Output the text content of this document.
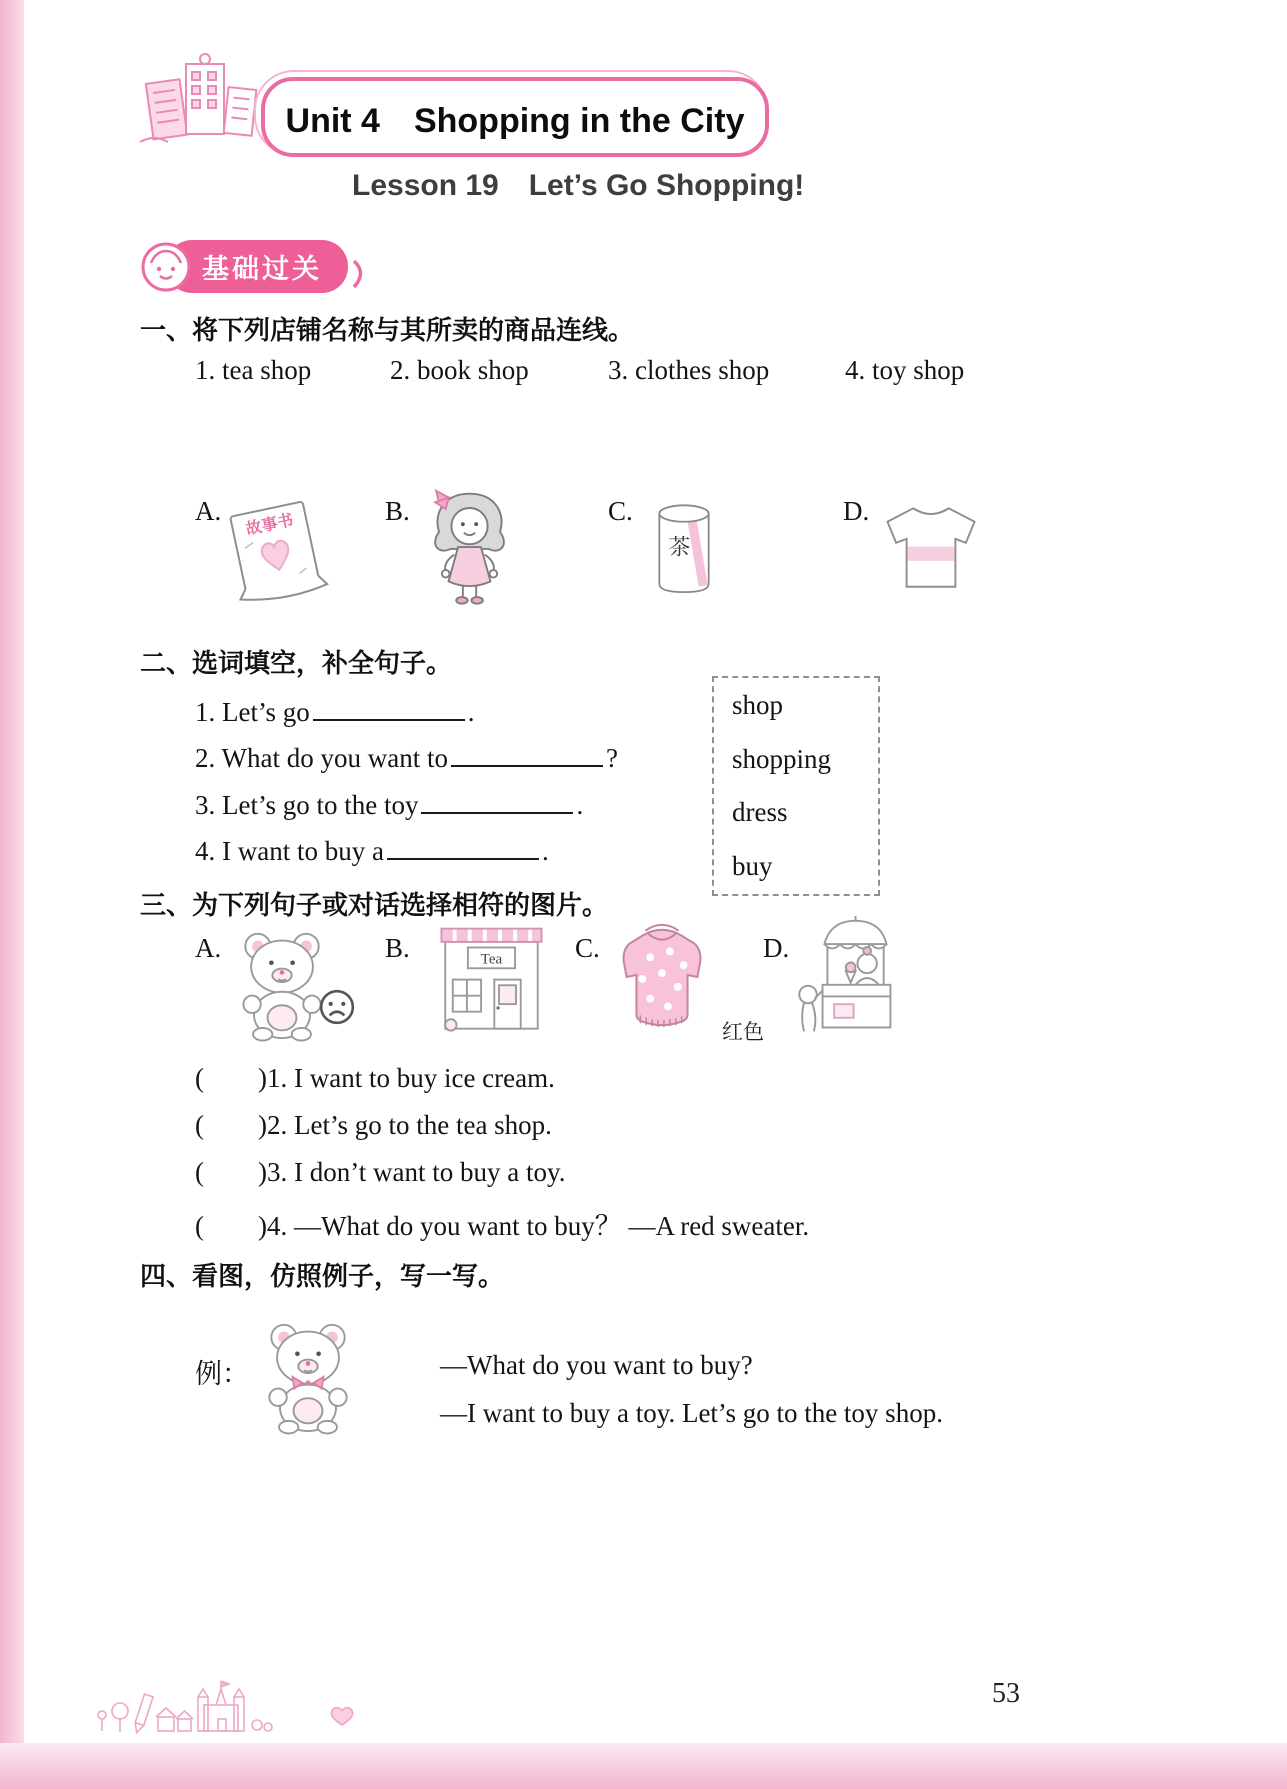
Unit 4　Shopping in the City
Lesson 19　Let’s Go Shopping!
基础过关
一、将下列店铺名称与其所卖的商品连线。
1. tea shop	2. book shop	3. clothes shop	4. toy shop
A. 故事书	B.	C.
茶
D.
二、选词填空，补全句子。
1. Let’s go	.
2. What do you want to	?
3. Let’s go to the toy	.
4. I want to buy a	.
shop
shopping
dress
buy
三、为下列句子或对话选择相符的图片。
A.	B.	Tea	C.
红色
D.
(        )1. I want to buy ice cream.
(        )2. Let’s go to the tea shop.
(        )3. I don’t want to buy a toy.
(        )4. —What do you want to buy？ —A red sweater.
四、看图，仿照例子，写一写。
例：	—What do you want to buy?
—I want to buy a toy. Let’s go to the toy shop.
53
